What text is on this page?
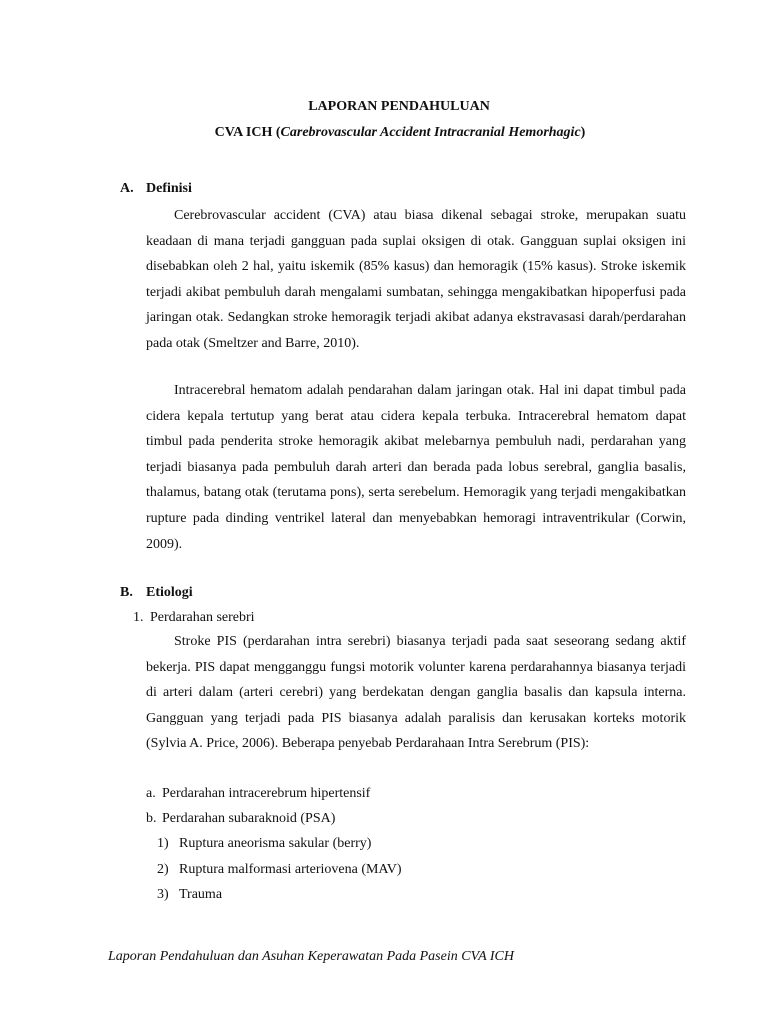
LAPORAN PENDAHULUAN
CVA ICH (Carebrovascular Accident Intracranial Hemorhagic)
A. Definisi

Cerebrovascular accident (CVA) atau biasa dikenal sebagai stroke, merupakan suatu keadaan di mana terjadi gangguan pada suplai oksigen di otak. Gangguan suplai oksigen ini disebabkan oleh 2 hal, yaitu iskemik (85% kasus) dan hemoragik (15% kasus). Stroke iskemik terjadi akibat pembuluh darah mengalami sumbatan, sehingga mengakibatkan hipoperfusi pada jaringan otak. Sedangkan stroke hemoragik terjadi akibat adanya ekstravasasi darah/perdarahan pada otak (Smeltzer and Barre, 2010).

Intracerebral hematom adalah pendarahan dalam jaringan otak. Hal ini dapat timbul pada cidera kepala tertutup yang berat atau cidera kepala terbuka. Intracerebral hematom dapat timbul pada penderita stroke hemoragik akibat melebarnya pembuluh nadi, perdarahan yang terjadi biasanya pada pembuluh darah arteri dan berada pada lobus serebral, ganglia basalis, thalamus, batang otak (terutama pons), serta serebelum. Hemoragik yang terjadi mengakibatkan rupture pada dinding ventrikel lateral dan menyebabkan hemoragi intraventrikular (Corwin, 2009).

B. Etiologi
1. Perdarahan serebri

Stroke PIS (perdarahan intra serebri) biasanya terjadi pada saat seseorang sedang aktif bekerja. PIS dapat mengganggu fungsi motorik volunter karena perdarahannya biasanya terjadi di arteri dalam (arteri cerebri) yang berdekatan dengan ganglia basalis dan kapsula interna. Gangguan yang terjadi pada PIS biasanya adalah paralisis dan kerusakan korteks motorik (Sylvia A. Price, 2006). Beberapa penyebab Perdarahaan Intra Serebrum (PIS):

a. Perdarahan intracerebrum hipertensif
b. Perdarahan subaraknoid (PSA)
1) Ruptura aneorisma sakular (berry)
2) Ruptura malformasi arteriovena (MAV)
3) Trauma
Laporan Pendahuluan dan Asuhan Keperawatan Pada Pasein CVA ICH
